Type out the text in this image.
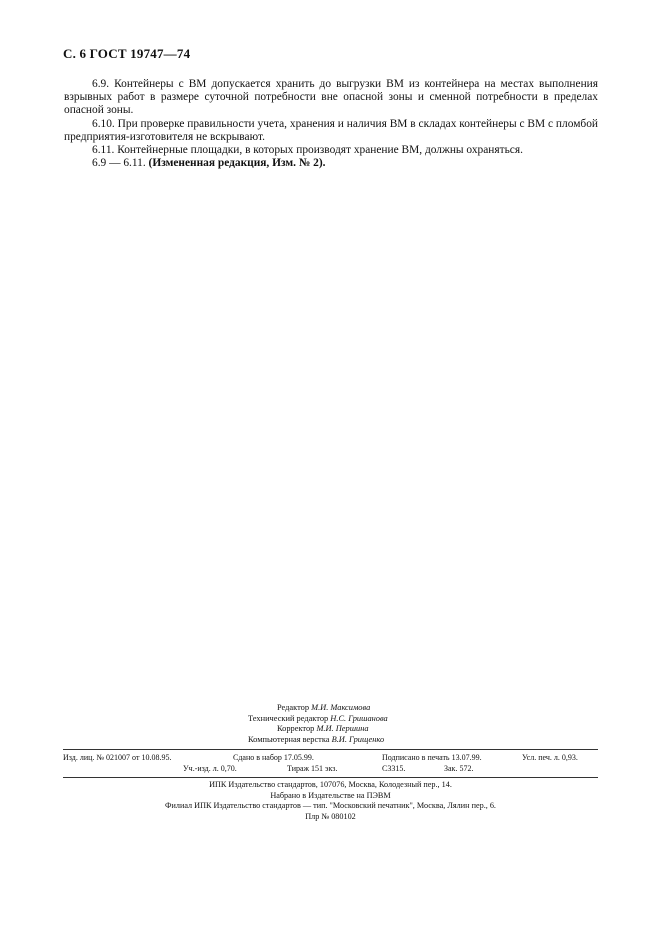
С. 6 ГОСТ 19747—74

6.9. Контейнеры с ВМ допускается хранить до выгрузки ВМ из контейнера на местах выполнения взрывных работ в размере суточной потребности вне опасной зоны и сменной потребности в пределах опасной зоны.

6.10. При проверке правильности учета, хранения и наличия ВМ в складах контейнеры с ВМ с пломбой предприятия-изготовителя не вскрывают.

6.11. Контейнерные площадки, в которых производят хранение ВМ, должны охраняться.

6.9 — 6.11. (Измененная редакция, Изм. № 2).

Редактор М.И. Максимова
Технический редактор Н.С. Гришанова
Корректор М.И. Першина
Компьютерная верстка В.И. Грищенко
Изд. лиц. № 021007 от 10.08.95.	Сдано в набор 17.05.99.	Подписано в печать 13.07.99.	Усл. печ. л. 0,93.
Уч.-изд. л. 0,70.	Тираж 151 экз.	С3315.	Зак. 572.
ИПК Издательство стандартов, 107076, Москва, Колодезный пер., 14.
Набрано в Издательстве на ПЭВМ
Филиал ИПК Издательство стандартов — тип. "Московский печатник", Москва, Лялин пер., 6.
Плр № 080102
